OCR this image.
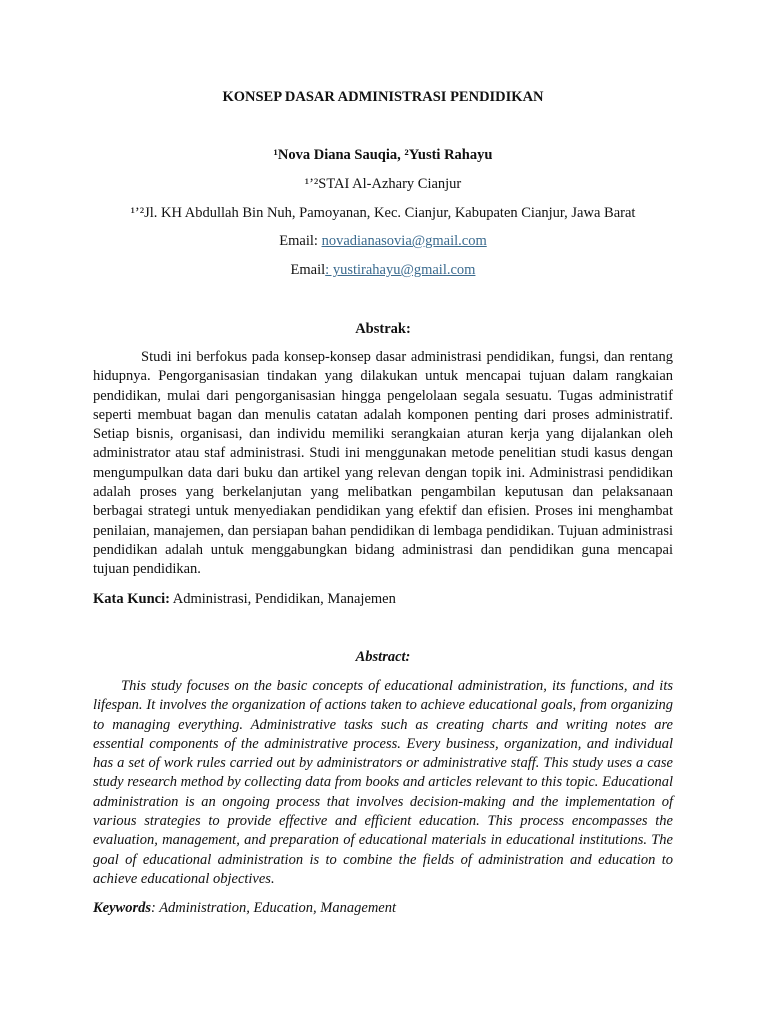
KONSEP DASAR ADMINISTRASI PENDIDIKAN
¹Nova Diana Sauqia, ²Yusti Rahayu
¹’²STAI Al-Azhary Cianjur
¹’²Jl. KH Abdullah Bin Nuh, Pamoyanan, Kec. Cianjur, Kabupaten Cianjur, Jawa Barat
Email: novadianasovia@gmail.com
Email: yustirahayu@gmail.com
Abstrak:
Studi ini berfokus pada konsep-konsep dasar administrasi pendidikan, fungsi, dan rentang hidupnya. Pengorganisasian tindakan yang dilakukan untuk mencapai tujuan dalam rangkaian pendidikan, mulai dari pengorganisasian hingga pengelolaan segala sesuatu. Tugas administratif seperti membuat bagan dan menulis catatan adalah komponen penting dari proses administratif. Setiap bisnis, organisasi, dan individu memiliki serangkaian aturan kerja yang dijalankan oleh administrator atau staf administrasi. Studi ini menggunakan metode penelitian studi kasus dengan mengumpulkan data dari buku dan artikel yang relevan dengan topik ini. Administrasi pendidikan adalah proses yang berkelanjutan yang melibatkan pengambilan keputusan dan pelaksanaan berbagai strategi untuk menyediakan pendidikan yang efektif dan efisien. Proses ini menghambat penilaian, manajemen, dan persiapan bahan pendidikan di lembaga pendidikan. Tujuan administrasi pendidikan adalah untuk menggabungkan bidang administrasi dan pendidikan guna mencapai tujuan pendidikan.
Kata Kunci: Administrasi, Pendidikan, Manajemen
Abstract:
This study focuses on the basic concepts of educational administration, its functions, and its lifespan. It involves the organization of actions taken to achieve educational goals, from organizing to managing everything. Administrative tasks such as creating charts and writing notes are essential components of the administrative process. Every business, organization, and individual has a set of work rules carried out by administrators or administrative staff. This study uses a case study research method by collecting data from books and articles relevant to this topic. Educational administration is an ongoing process that involves decision-making and the implementation of various strategies to provide effective and efficient education. This process encompasses the evaluation, management, and preparation of educational materials in educational institutions. The goal of educational administration is to combine the fields of administration and education to achieve educational objectives.
Keywords: Administration, Education, Management
